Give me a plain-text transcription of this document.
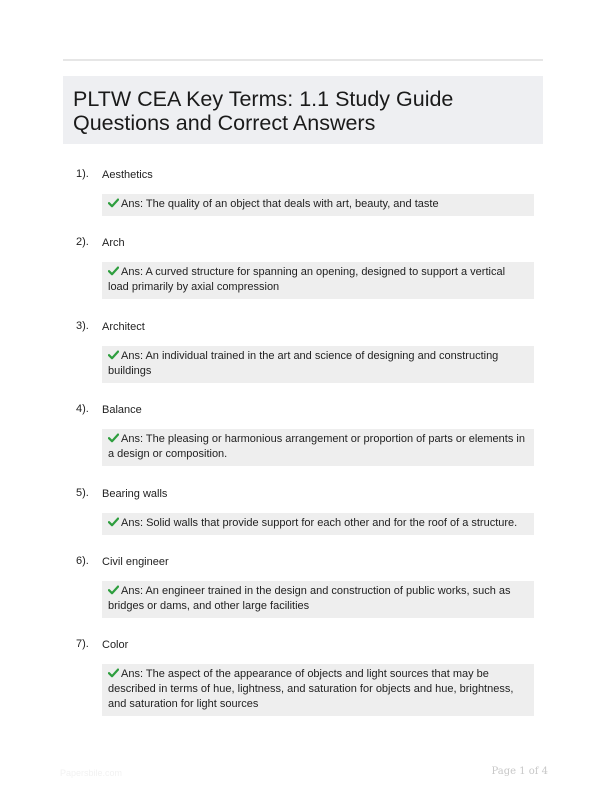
PLTW CEA Key Terms: 1.1 Study Guide
Questions and Correct Answers
1). Aesthetics
Ans: The quality of an object that deals with art, beauty, and taste
2). Arch
Ans: A curved structure for spanning an opening, designed to support a vertical load primarily by axial compression
3). Architect
Ans: An individual trained in the art and science of designing and constructing buildings
4). Balance
Ans: The pleasing or harmonious arrangement or proportion of parts or elements in a design or composition.
5). Bearing walls
Ans: Solid walls that provide support for each other and for the roof of a structure.
6). Civil engineer
Ans: An engineer trained in the design and construction of public works, such as bridges or dams, and other large facilities
7). Color
Ans: The aspect of the appearance of objects and light sources that may be described in terms of hue, lightness, and saturation for objects and hue, brightness, and saturation for light sources
Papersbile.com	Page 1 of 4
